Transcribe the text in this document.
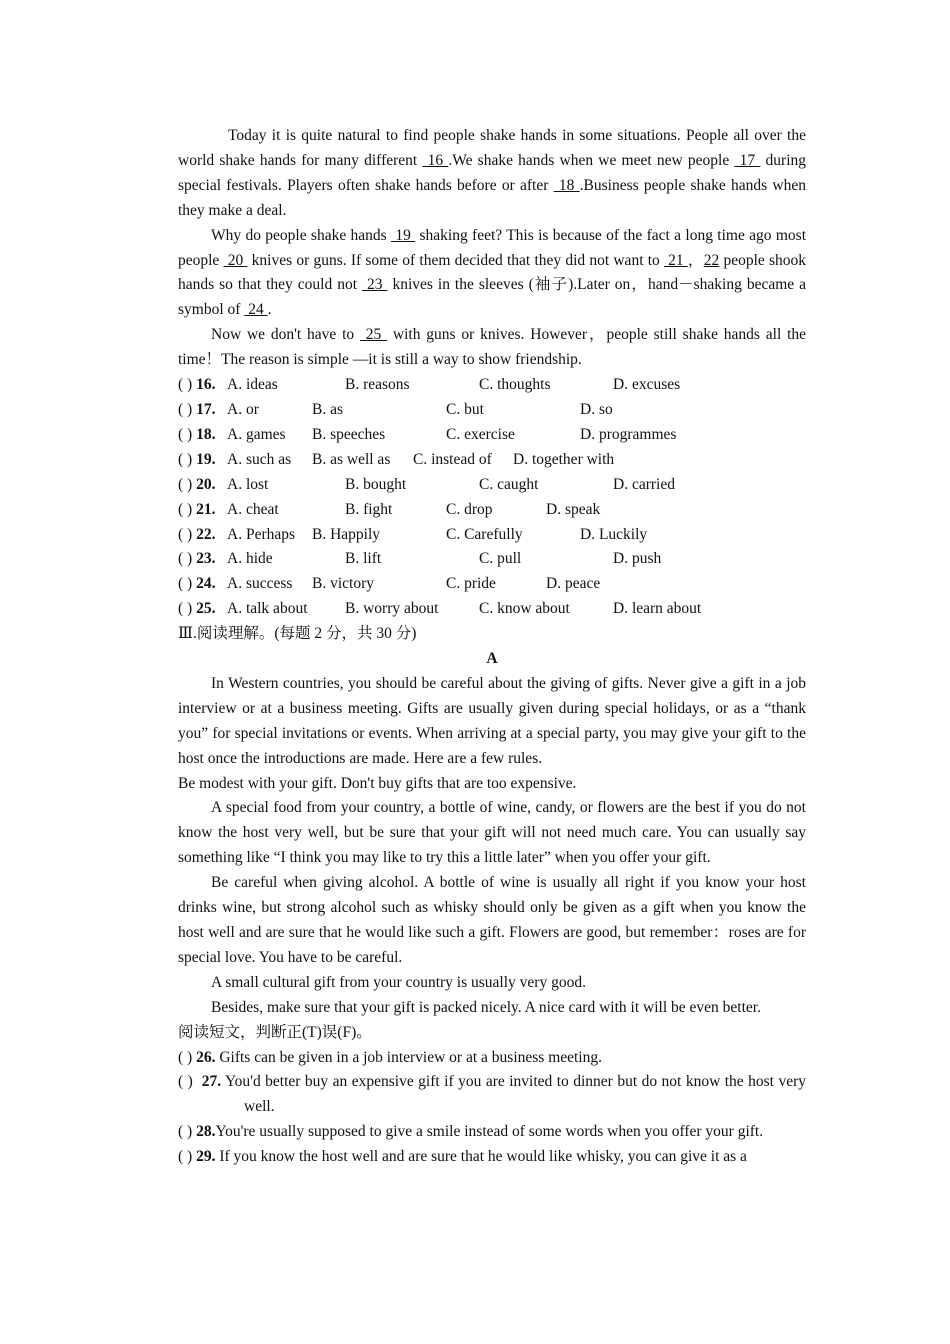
Today it is quite natural to find people shake hands in some situations. People all over the world shake hands for many different  16 .We shake hands when we meet new people  17  during special festivals. Players often shake hands before or after  18 .Business people shake hands when they make a deal.

Why do people shake hands  19  shaking feet? This is because of the fact a long time ago most people  20  knives or guns. If some of them decided that they did not want to  21 ，22 people shook hands so that they could not  23  knives in the sleeves (袖子).Later on，hand－shaking became a symbol of  24 .

Now we don't have to  25  with guns or knives. However，people still shake hands all the time！The reason is simple —it is still a way to show friendship.

( ) 16. A. ideas	B. reasons	C. thoughts	D. excuses
( ) 17. A. or	B. as	C. but	D. so
( ) 18. A. games	B. speeches	C. exercise	D. programmes
( ) 19. A. such as	B. as well as	C. instead of	D. together with
( ) 20. A. lost	B. bought	C. caught	D. carried
( ) 21. A. cheat	B. fight	C. drop	D. speak
( ) 22. A. Perhaps	B. Happily	C. Carefully	D. Luckily
( ) 23. A. hide	B. lift	C. pull	D. push
( ) 24. A. success	B. victory	C. pride	D. peace
( ) 25. A. talk about	B. worry about	C. know about	D. learn about

Ⅲ.阅读理解。(每题 2 分，共 30 分)

A

In Western countries, you should be careful about the giving of gifts. Never give a gift in a job interview or at a business meeting. Gifts are usually given during special holidays, or as a “thank you” for special invitations or events. When arriving at a special party, you may give your gift to the host once the introductions are made. Here are a few rules.

Be modest with your gift. Don't buy gifts that are too expensive.

A special food from your country, a bottle of wine, candy, or flowers are the best if you do not know the host very well, but be sure that your gift will not need much care. You can usually say something like “I think you may like to try this a little later” when you offer your gift.

Be careful when giving alcohol. A bottle of wine is usually all right if you know your host drinks wine, but strong alcohol such as whisky should only be given as a gift when you know the host well and are sure that he would like such a gift. Flowers are good, but remember：roses are for special love. You have to be careful.

A small cultural gift from your country is usually very good.

Besides, make sure that your gift is packed nicely. A nice card with it will be even better.

阅读短文，判断正(T)误(F)。

( ) 26. Gifts can be given in a job interview or at a business meeting.

( ) 27. You'd better buy an expensive gift if you are invited to dinner but do not know the host very well.

( ) 28.You're usually supposed to give a smile instead of some words when you offer your gift.

( ) 29. If you know the host well and are sure that he would like whisky, you can give it as a
